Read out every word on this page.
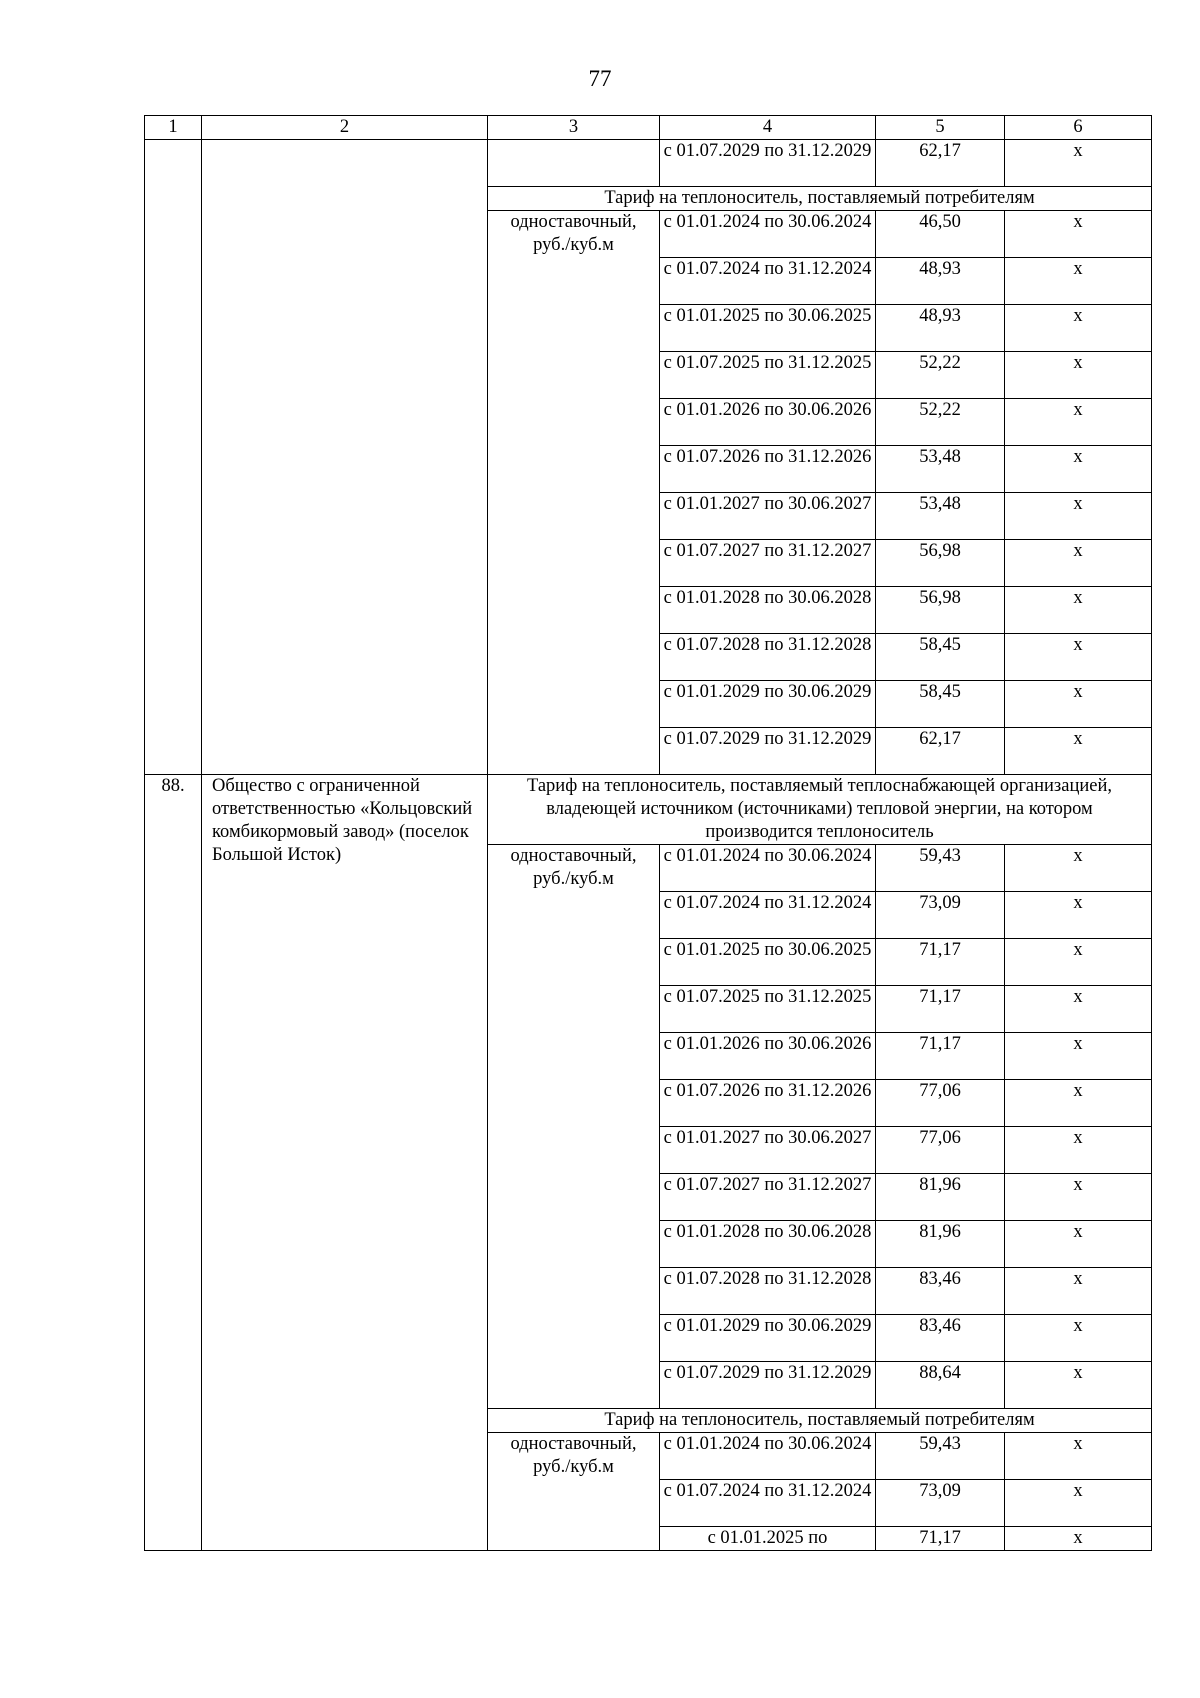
77
1	2	3	4	5	6
			с 01.07.2029 по 31.12.2029	62,17	х
		Тариф на теплоноситель, поставляемый потребителям			
		одноставочный, руб./куб.м	с 01.01.2024 по 30.06.2024	46,50	х
			с 01.07.2024 по 31.12.2024	48,93	х
			с 01.01.2025 по 30.06.2025	48,93	х
			с 01.07.2025 по 31.12.2025	52,22	х
			с 01.01.2026 по 30.06.2026	52,22	х
			с 01.07.2026 по 31.12.2026	53,48	х
			с 01.01.2027 по 30.06.2027	53,48	х
			с 01.07.2027 по 31.12.2027	56,98	х
			с 01.01.2028 по 30.06.2028	56,98	х
			с 01.07.2028 по 31.12.2028	58,45	х
			с 01.01.2029 по 30.06.2029	58,45	х
			с 01.07.2029 по 31.12.2029	62,17	х
88.	Общество с ограниченной ответственностью «Кольцовский комбикормовый завод» (поселок Большой Исток)	Тариф на теплоноситель, поставляемый теплоснабжающей организацией, владеющей источником (источниками) тепловой энергии, на котором производится теплоноситель			
		одноставочный, руб./куб.м	с 01.01.2024 по 30.06.2024	59,43	х
			с 01.07.2024 по 31.12.2024	73,09	х
			с 01.01.2025 по 30.06.2025	71,17	х
			с 01.07.2025 по 31.12.2025	71,17	х
			с 01.01.2026 по 30.06.2026	71,17	х
			с 01.07.2026 по 31.12.2026	77,06	х
			с 01.01.2027 по 30.06.2027	77,06	х
			с 01.07.2027 по 31.12.2027	81,96	х
			с 01.01.2028 по 30.06.2028	81,96	х
			с 01.07.2028 по 31.12.2028	83,46	х
			с 01.01.2029 по 30.06.2029	83,46	х
			с 01.07.2029 по 31.12.2029	88,64	х
		Тариф на теплоноситель, поставляемый потребителям			
		одноставочный, руб./куб.м	с 01.01.2024 по 30.06.2024	59,43	х
			с 01.07.2024 по 31.12.2024	73,09	х
			с 01.01.2025 по	71,17	х
